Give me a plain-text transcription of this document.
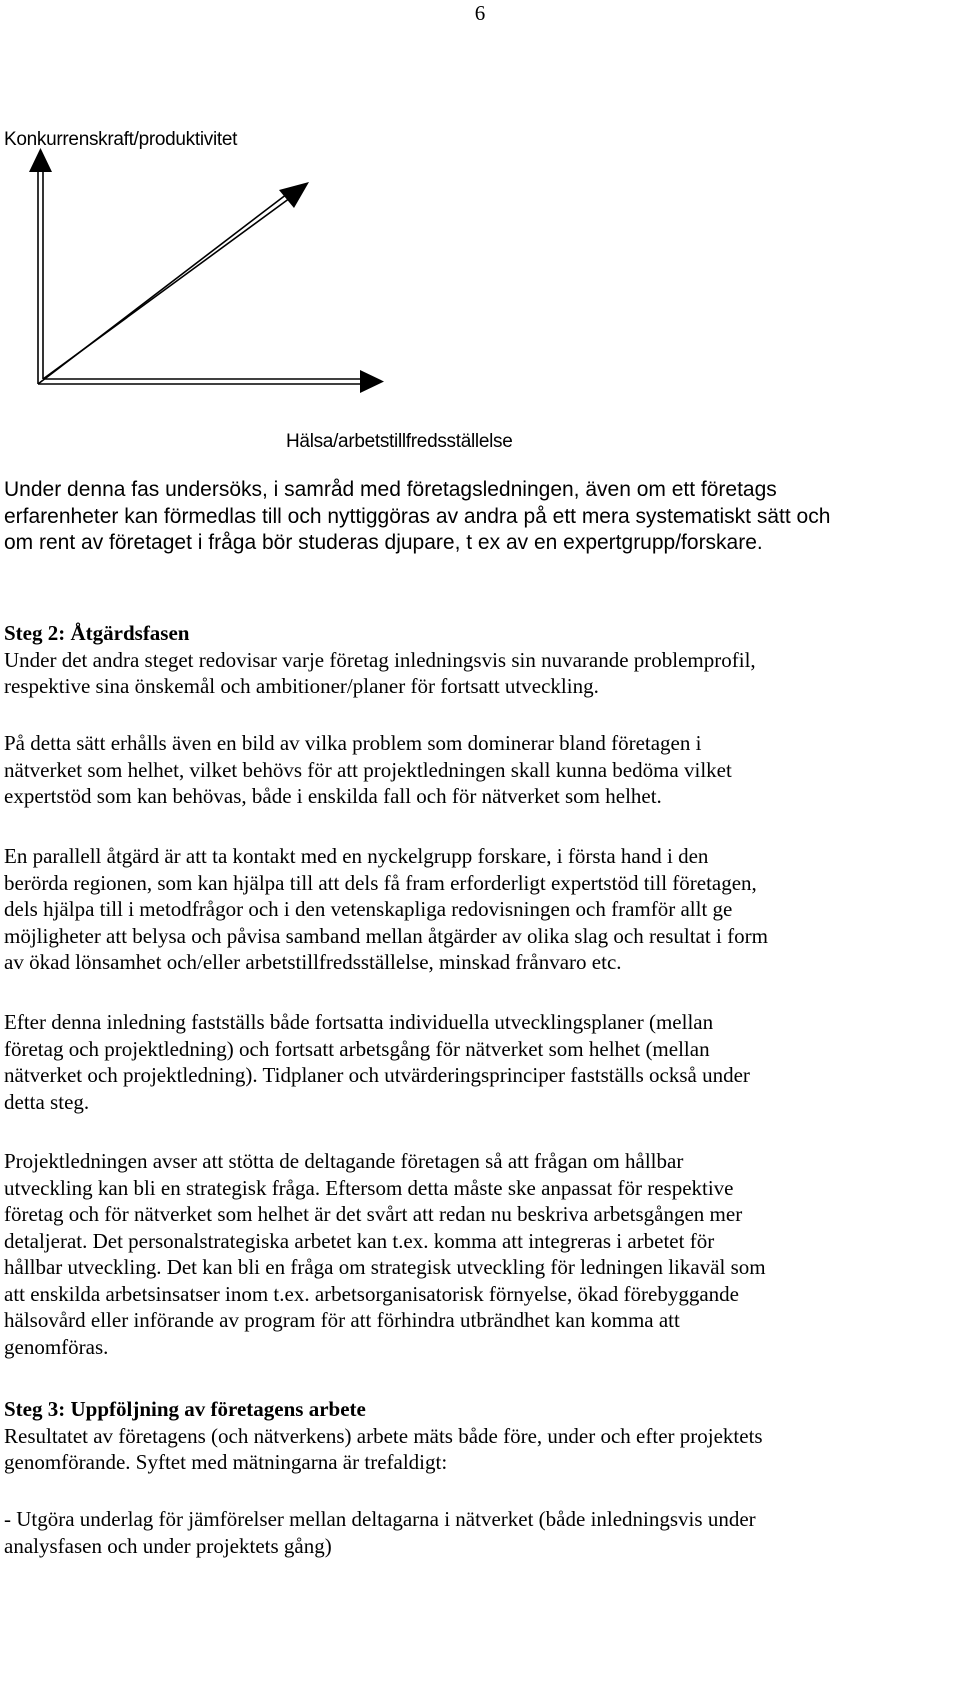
6
Konkurrenskraft/produktivitet
Hälsa/arbetstillfredsställelse
Under denna fas undersöks, i samråd med företagsledningen, även om ett företags
erfarenheter kan förmedlas till och nyttiggöras av andra på ett mera systematiskt sätt och
om rent av företaget i fråga bör studeras djupare, t ex av en expertgrupp/forskare.
Steg 2: Åtgärdsfasen
Under det andra steget redovisar varje företag inledningsvis sin nuvarande problemprofil,
respektive sina önskemål och ambitioner/planer för fortsatt utveckling.
På detta sätt erhålls även en bild av vilka problem som dominerar bland företagen i
nätverket som helhet, vilket behövs för att projektledningen skall kunna bedöma vilket
expertstöd som kan behövas, både i enskilda fall och för nätverket som helhet.
En parallell åtgärd är att ta kontakt med en nyckelgrupp forskare, i första hand i den
berörda regionen, som kan hjälpa till att dels få fram erforderligt expertstöd till företagen,
dels hjälpa till i metodfrågor och i den vetenskapliga redovisningen och framför allt ge
möjligheter att belysa och påvisa samband mellan åtgärder av olika slag och resultat i form
av ökad lönsamhet och/eller arbetstillfredsställelse, minskad frånvaro etc.
Efter denna inledning fastställs både fortsatta individuella utvecklingsplaner (mellan
företag och projektledning) och fortsatt arbetsgång för nätverket som helhet (mellan
nätverket och projektledning). Tidplaner och utvärderingsprinciper fastställs också under
detta steg.
Projektledningen avser att stötta de deltagande företagen så att frågan om hållbar
utveckling kan bli en strategisk fråga. Eftersom detta måste ske anpassat för respektive
företag och för nätverket som helhet är det svårt att redan nu beskriva arbetsgången mer
detaljerat. Det personalstrategiska arbetet kan t.ex. komma att integreras i arbetet för
hållbar utveckling. Det kan bli en fråga om strategisk utveckling för ledningen likaväl som
att enskilda arbetsinsatser inom t.ex. arbetsorganisatorisk förnyelse, ökad förebyggande
hälsovård eller införande av program för att förhindra utbrändhet kan komma att
genomföras.
Steg 3: Uppföljning av företagens arbete
Resultatet av företagens (och nätverkens) arbete mäts både före, under och efter projektets
genomförande. Syftet med mätningarna är trefaldigt:
- Utgöra underlag för jämförelser mellan deltagarna i nätverket (både inledningsvis under
analysfasen och under projektets gång)
